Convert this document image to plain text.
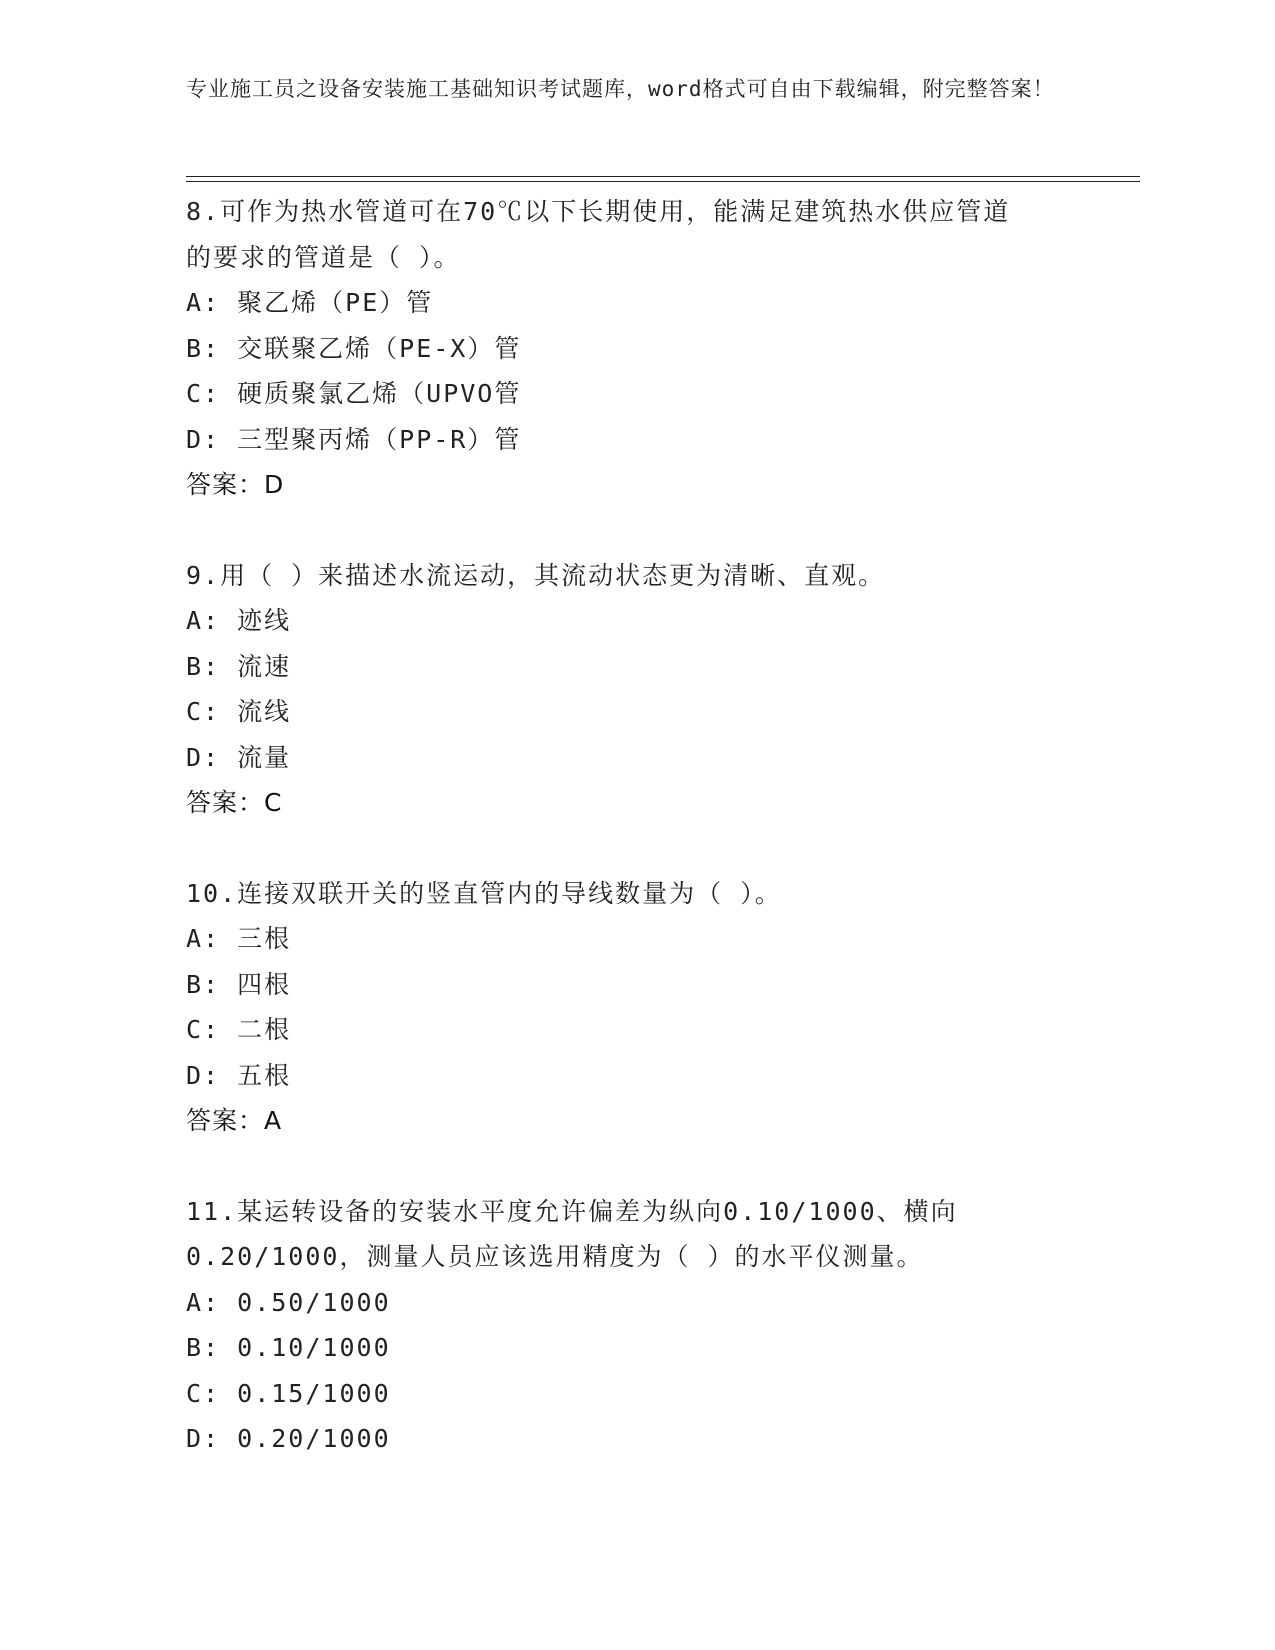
专业施工员之设备安装施工基础知识考试题库，word格式可自由下载编辑，附完整答案！
8.可作为热水管道可在70℃以下长期使用，能满足建筑热水供应管道
的要求的管道是（ ）。
A: 聚乙烯（PE）管
B: 交联聚乙烯（PE-X）管
C: 硬质聚氯乙烯（UPVO管
D: 三型聚丙烯（PP-R）管
答案：D
9.用（ ）来描述水流运动，其流动状态更为清晰、直观。
A: 迹线
B: 流速
C: 流线
D: 流量
答案：C
10.连接双联开关的竖直管内的导线数量为（ ）。
A: 三根
B: 四根
C: 二根
D: 五根
答案：A
11.某运转设备的安装水平度允许偏差为纵向0.10/1000、横向
0.20/1000，测量人员应该选用精度为（ ）的水平仪测量。
A: 0.50/1000
B: 0.10/1000
C: 0.15/1000
D: 0.20/1000
